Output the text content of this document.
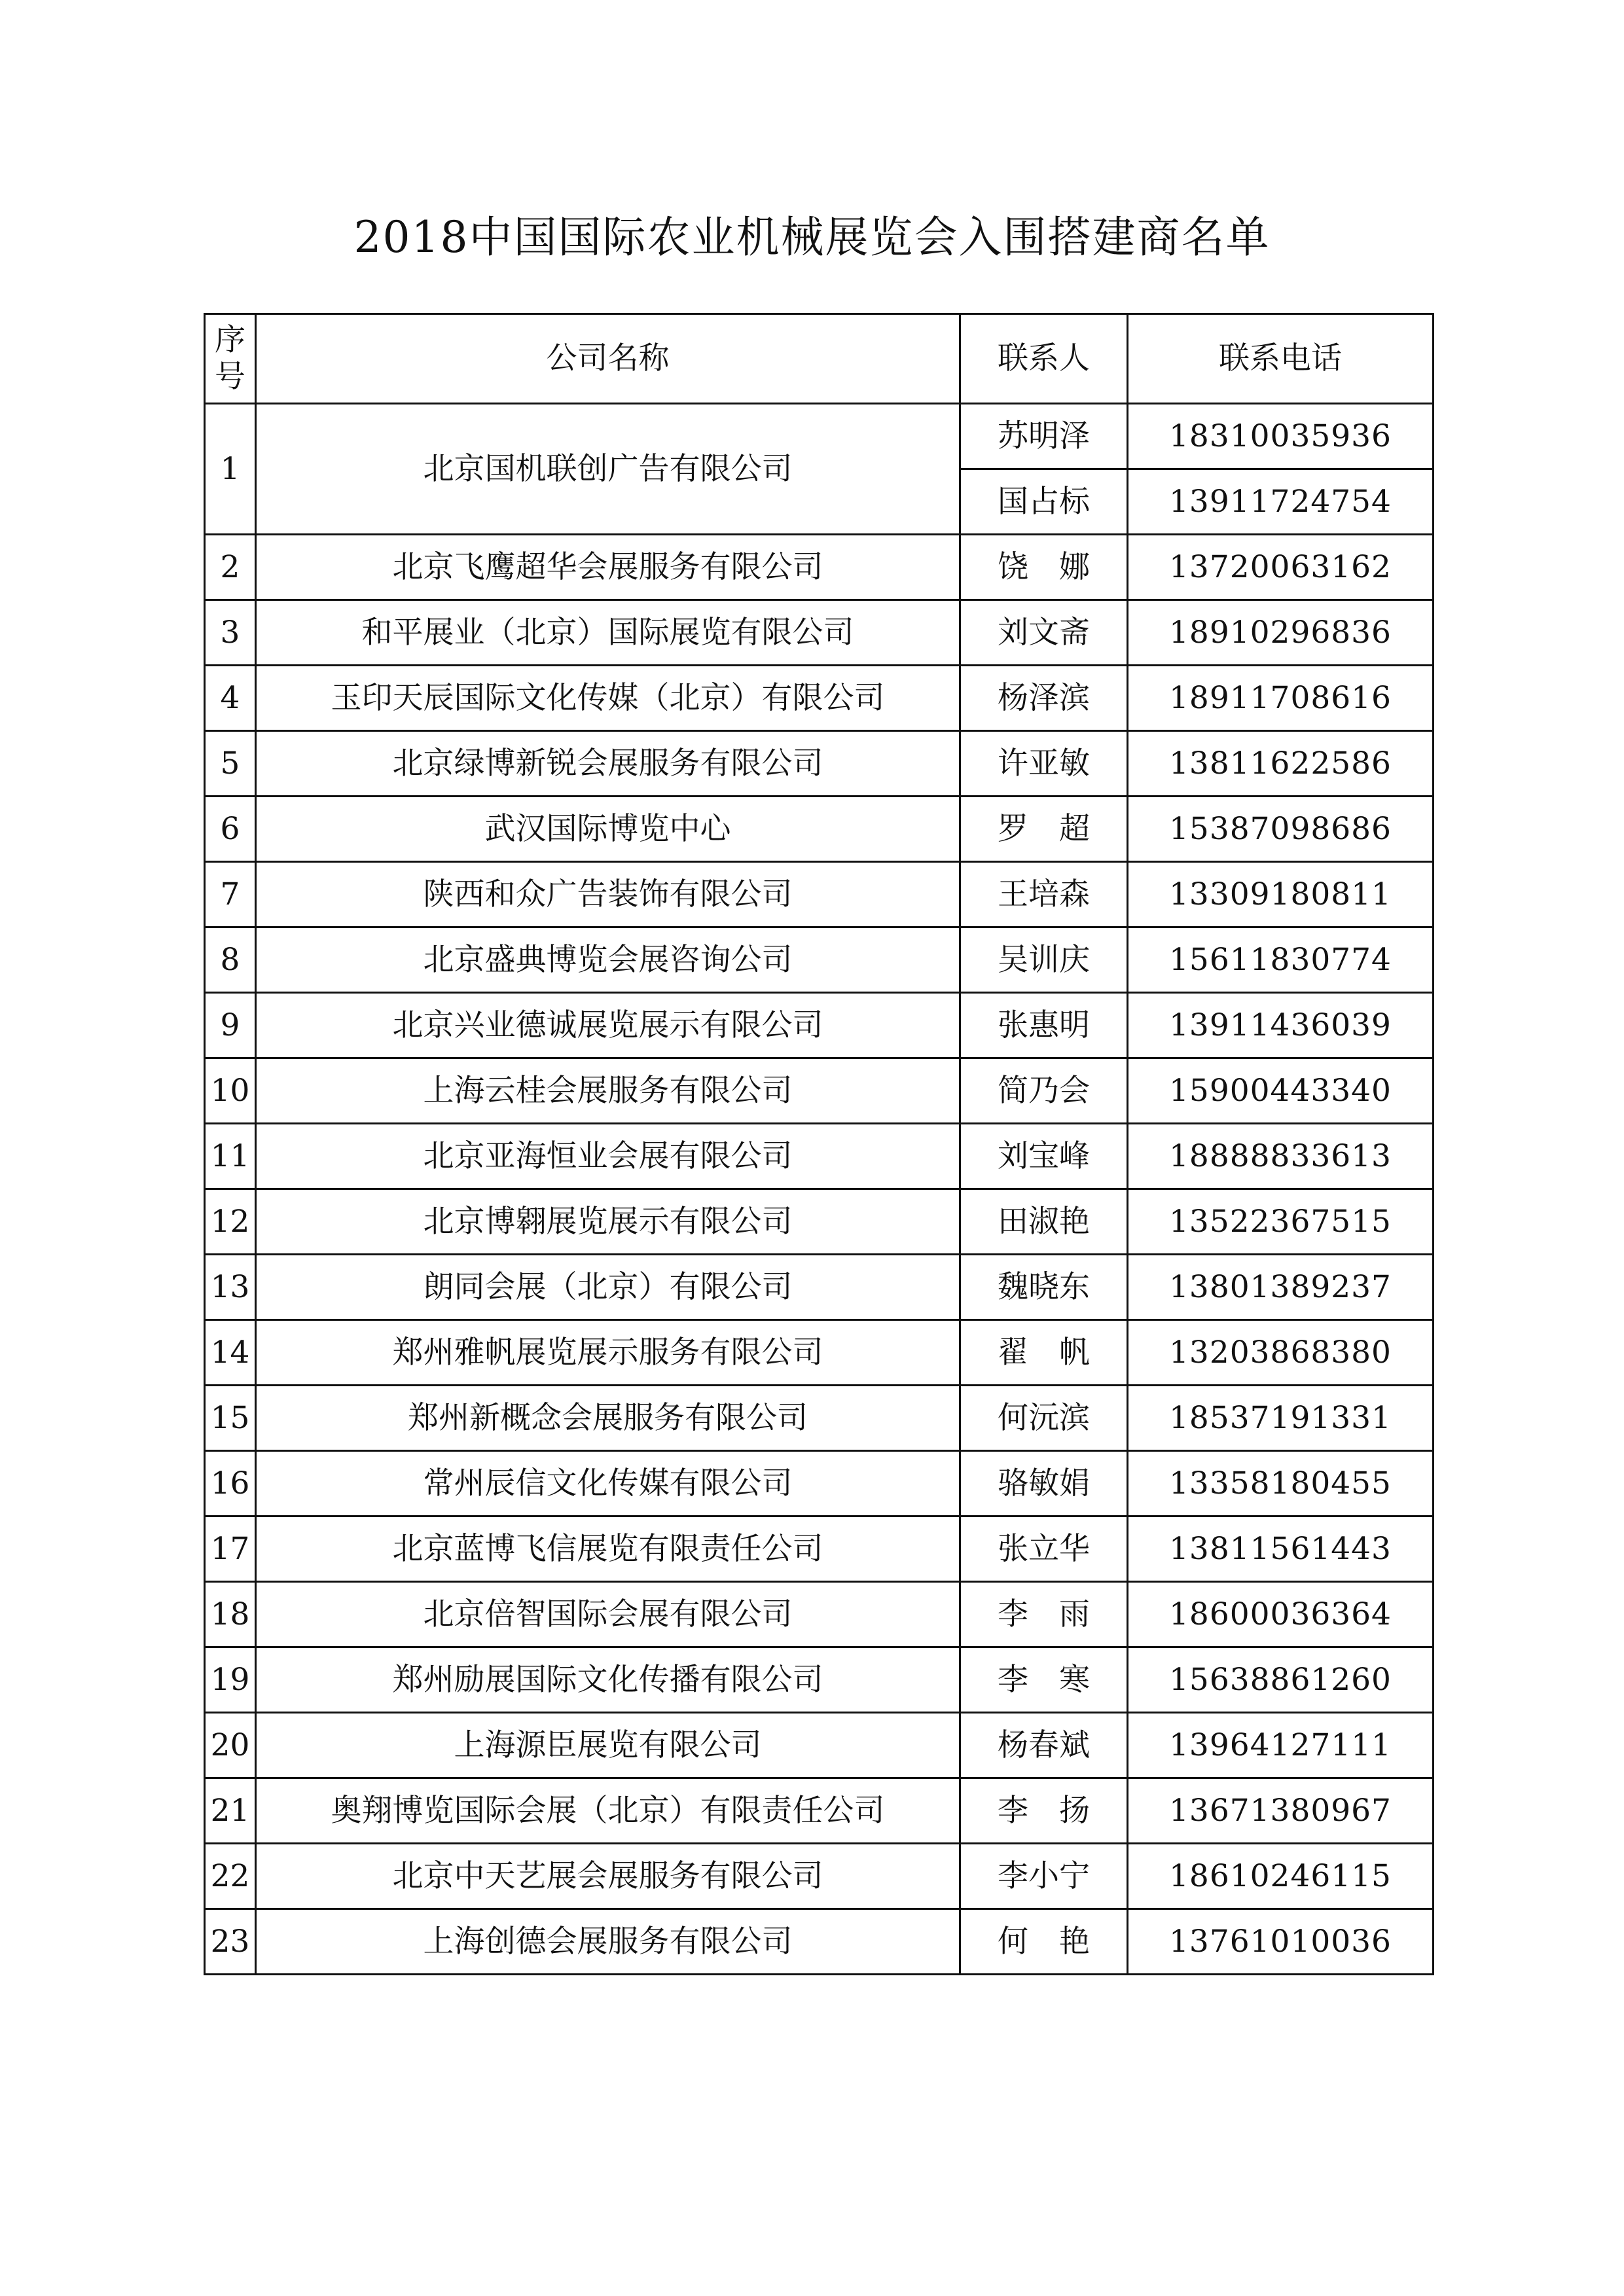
2018中国国际农业机械展览会入围搭建商名单
序
号	公司名称	联系人	联系电话
1	北京国机联创广告有限公司	苏明泽	18310035936
		国占标	13911724754
2	北京飞鹰超华会展服务有限公司	饶　娜	13720063162
3	和平展业（北京）国际展览有限公司	刘文斋	18910296836
4	玉印天辰国际文化传媒（北京）有限公司	杨泽滨	18911708616
5	北京绿博新锐会展服务有限公司	许亚敏	13811622586
6	武汉国际博览中心	罗　超	15387098686
7	陕西和众广告装饰有限公司	王培森	13309180811
8	北京盛典博览会展咨询公司	吴训庆	15611830774
9	北京兴业德诚展览展示有限公司	张惠明	13911436039
10	上海云桂会展服务有限公司	简乃会	15900443340
11	北京亚海恒业会展有限公司	刘宝峰	18888833613
12	北京博翱展览展示有限公司	田淑艳	13522367515
13	朗同会展（北京）有限公司	魏晓东	13801389237
14	郑州雅帆展览展示服务有限公司	翟　帆	13203868380
15	郑州新概念会展服务有限公司	何沅滨	18537191331
16	常州辰信文化传媒有限公司	骆敏娟	13358180455
17	北京蓝博飞信展览有限责任公司	张立华	13811561443
18	北京倍智国际会展有限公司	李　雨	18600036364
19	郑州励展国际文化传播有限公司	李　寒	15638861260
20	上海源臣展览有限公司	杨春斌	13964127111
21	奥翔博览国际会展（北京）有限责任公司	李　扬	13671380967
22	北京中天艺展会展服务有限公司	李小宁	18610246115
23	上海创德会展服务有限公司	何　艳	13761010036
